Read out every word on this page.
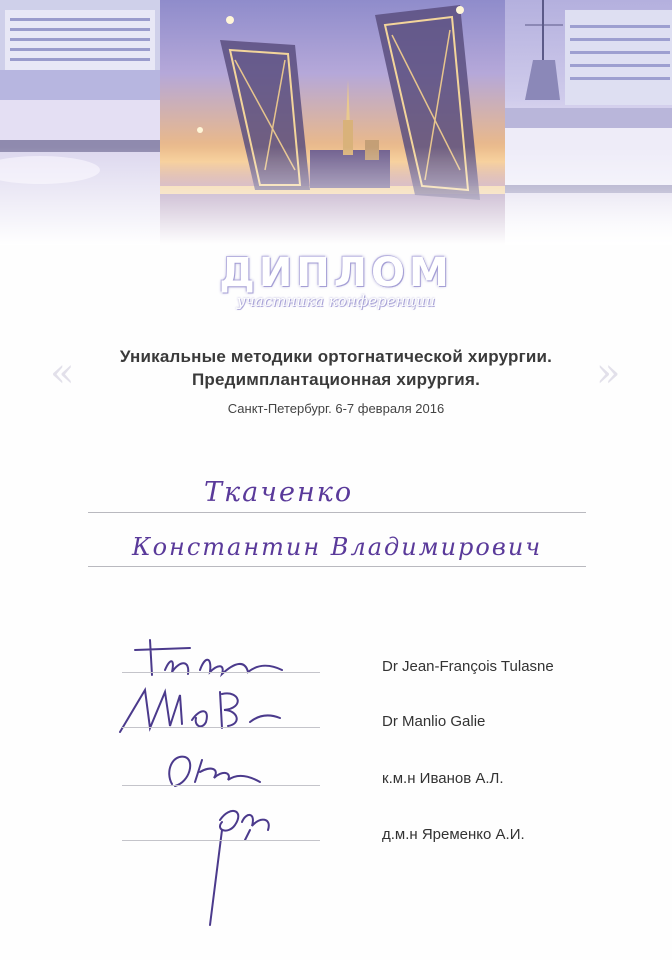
ДИПЛОМ
участника конференции
«	»
Уникальные методики ортогнатической хирургии.
Предимплантационная хирургия.
Санкт-Петербург. 6-7 февраля 2016
Ткаченко
Константин Владимирович
Dr Jean-François Tulasne
Dr Manlio Galie
к.м.н Иванов А.Л.
д.м.н Яременко А.И.
